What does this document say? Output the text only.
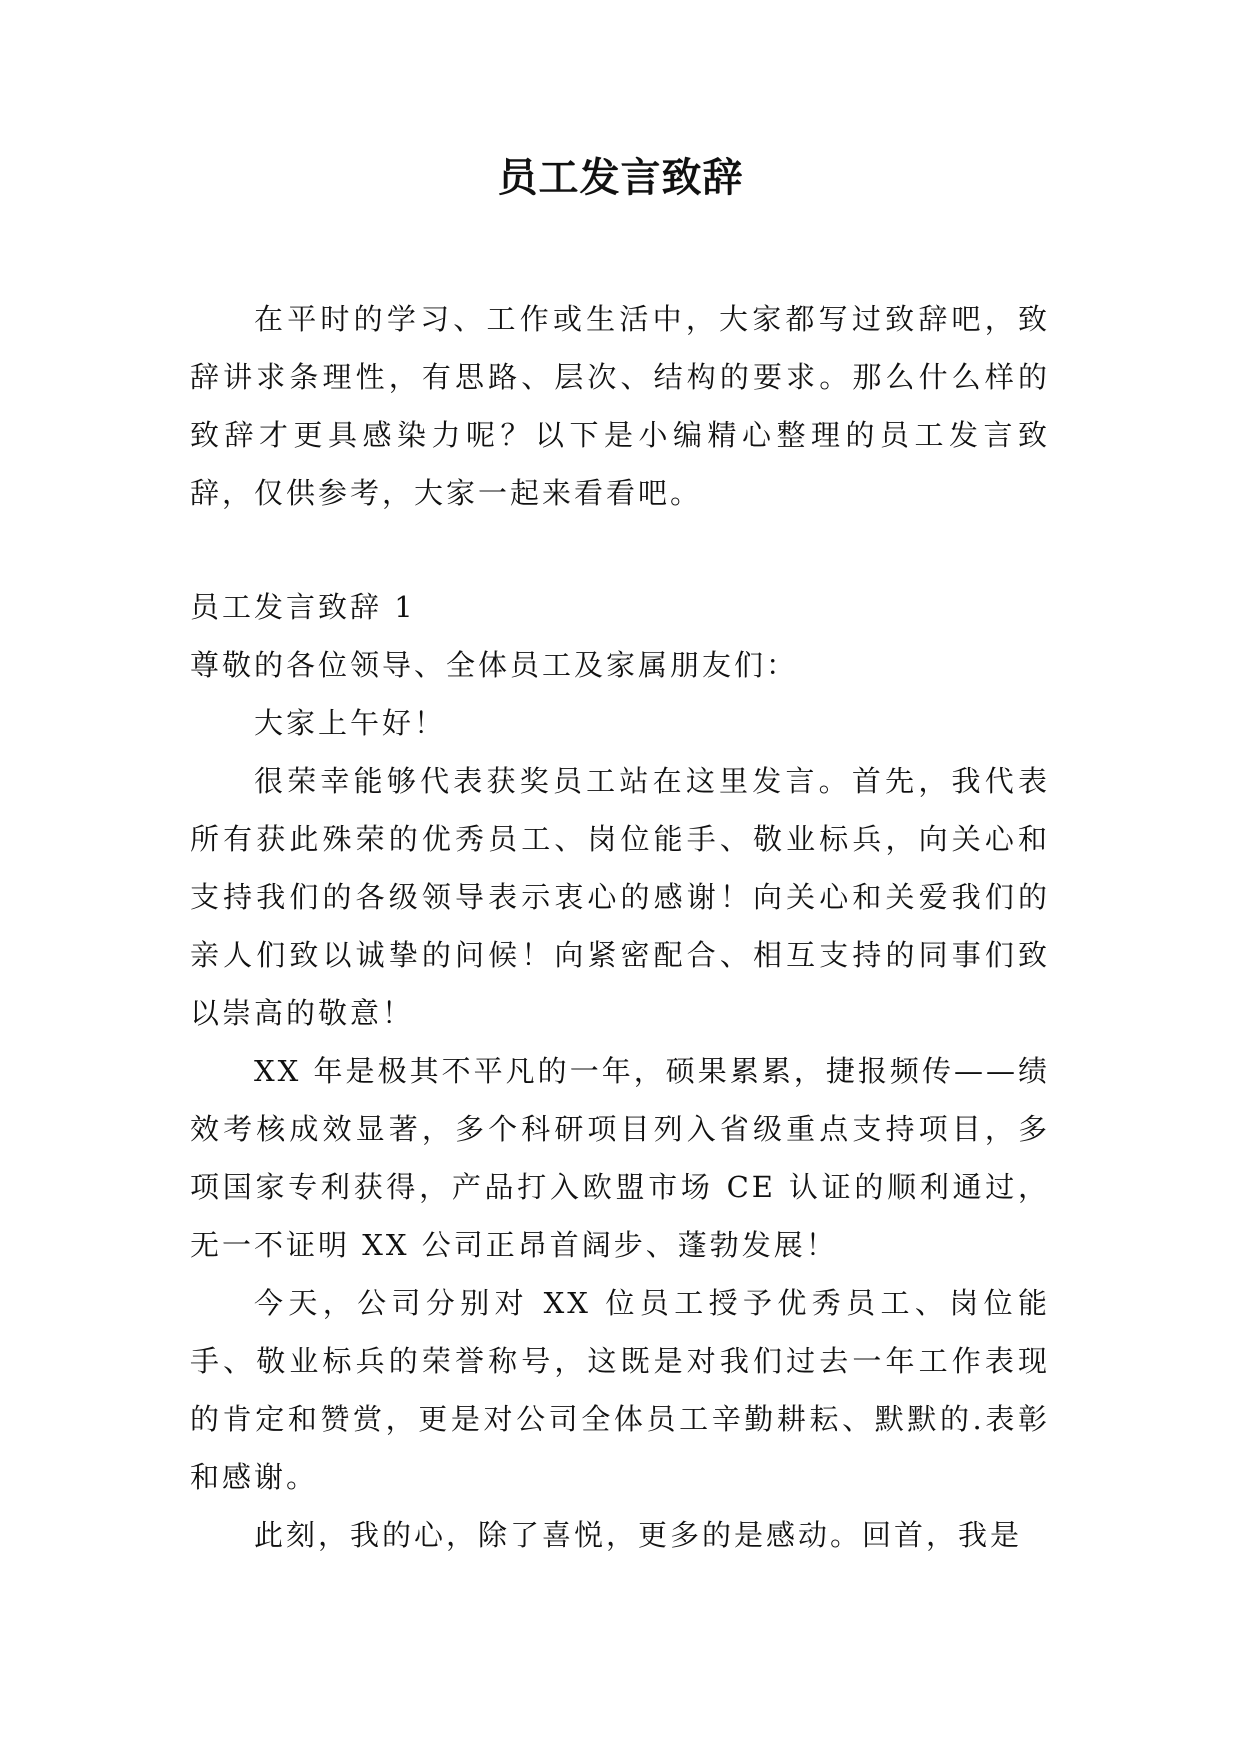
员工发言致辞

在平时的学习、工作或生活中，大家都写过致辞吧，致辞讲求条理性，有思路、层次、结构的要求。那么什么样的致辞才更具感染力呢？以下是小编精心整理的员工发言致辞，仅供参考，大家一起来看看吧。

员工发言致辞 1

尊敬的各位领导、全体员工及家属朋友们：

大家上午好！

很荣幸能够代表获奖员工站在这里发言。首先，我代表所有获此殊荣的优秀员工、岗位能手、敬业标兵，向关心和支持我们的各级领导表示衷心的感谢！向关心和关爱我们的亲人们致以诚挚的问候！向紧密配合、相互支持的同事们致以崇高的敬意！

XX 年是极其不平凡的一年，硕果累累，捷报频传——绩效考核成效显著，多个科研项目列入省级重点支持项目，多项国家专利获得，产品打入欧盟市场 CE 认证的顺利通过，无一不证明 XX 公司正昂首阔步、蓬勃发展！

今天，公司分别对 XX 位员工授予优秀员工、岗位能手、敬业标兵的荣誉称号，这既是对我们过去一年工作表现的肯定和赞赏，更是对公司全体员工辛勤耕耘、默默的.表彰和感谢。

此刻，我的心，除了喜悦，更多的是感动。回首，我是
